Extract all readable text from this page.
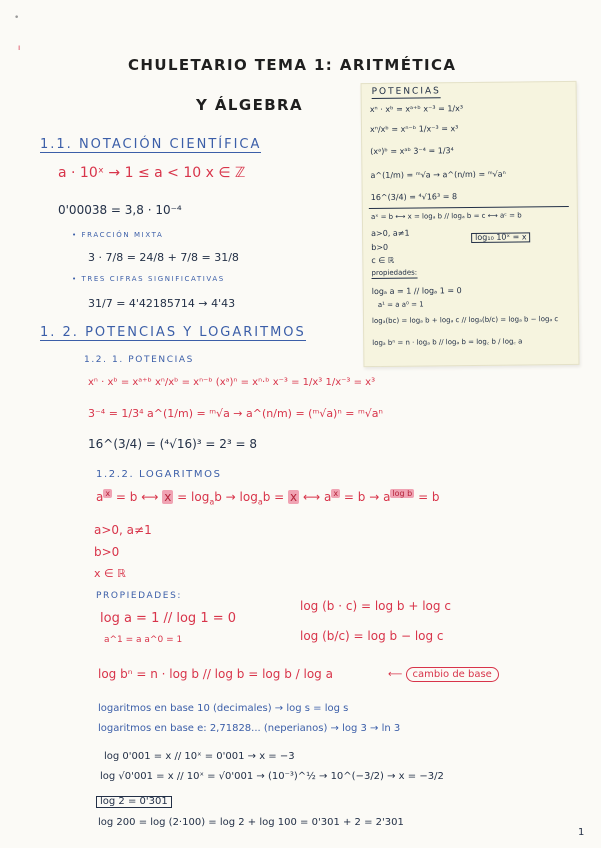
•
ı
CHULETARIO TEMA 1: ARITMÉTICA
Y ÁLGEBRA
POTENCIAS
xⁿ · xᵇ = xᵃ⁺ᵇ x⁻³ = 1/x³
xⁿ/xᵇ = xⁿ⁻ᵇ 1/x⁻³ = x³
(xᵃ)ᵇ = xᵃᵇ 3⁻⁴ = 1/3⁴
a^(1/m) = ᵐ√a → a^(n/m) = ᵐ√aⁿ
16^(3/4) = ⁴√16³ = 8
aˣ = b ⟷ x = logₐ b // logₐ b = c ⟷ aᶜ = b
a>0, a≠1	log₁₀ 10ˣ = x
b>0
c ∈ ℝ
propiedades:
logₐ a = 1 // logₐ 1 = 0
a¹ = a a⁰ = 1
logₐ(bc) = logₐ b + logₐ c // logₐ(b/c) = logₐ b − logₐ c
logₐ bⁿ = n · logₐ b // logₐ b = log꜀ b / log꜀ a
1.1. NOTACIÓN CIENTÍFICA
a · 10ˣ → 1 ≤ a < 10 x ∈ ℤ
0'00038 = 3,8 · 10⁻⁴
• FRACCIÓN MIXTA
3 · 7/8 = 24/8 + 7/8 = 31/8
• TRES CIFRAS SIGNIFICATIVAS
31/7 = 4'42185714 → 4'43
1. 2. POTENCIAS Y LOGARITMOS
1.2. 1. POTENCIAS
xⁿ · xᵇ = xᵃ⁺ᵇ xⁿ/xᵇ = xⁿ⁻ᵇ (xᵃ)ⁿ = xⁿ·ᵇ x⁻³ = 1/x³ 1/x⁻³ = x³
3⁻⁴ = 1/3⁴ a^(1/m) = ᵐ√a → a^(n/m) = (ᵐ√a)ⁿ = ᵐ√aⁿ
16^(3/4) = (⁴√16)³ = 2³ = 8
1.2.2. LOGARITMOS
a $^x$ = b ⟷ $x = \log_ab \to \log_ab = x$ ⟷ a $^x$ = b → a $^{log b}$ = b
a>0, a≠1
b>0
x ∈ ℝ
PROPIEDADES:
log a = 1 // log 1 = 0
a^1 = a a^0 = 1
log (b · c) = log b + log c
log (b/c) = log b − log c
log bⁿ = n · log b // log b = log b / log a	⟵ cambio de base
logaritmos en base 10 (decimales) → log s = log s
logaritmos en base e: 2,71828... (neperianos) → log 3 → ln 3
log 0'001 = x // 10ˣ = 0'001 → x = −3
log √0'001 = x // 10ˣ = √0'001 → (10⁻³)^½ → 10^(−3/2) → x = −3/2
log 2 = 0'301
log 200 = log (2·100) = log 2 + log 100 = 0'301 + 2 = 2'301
1
